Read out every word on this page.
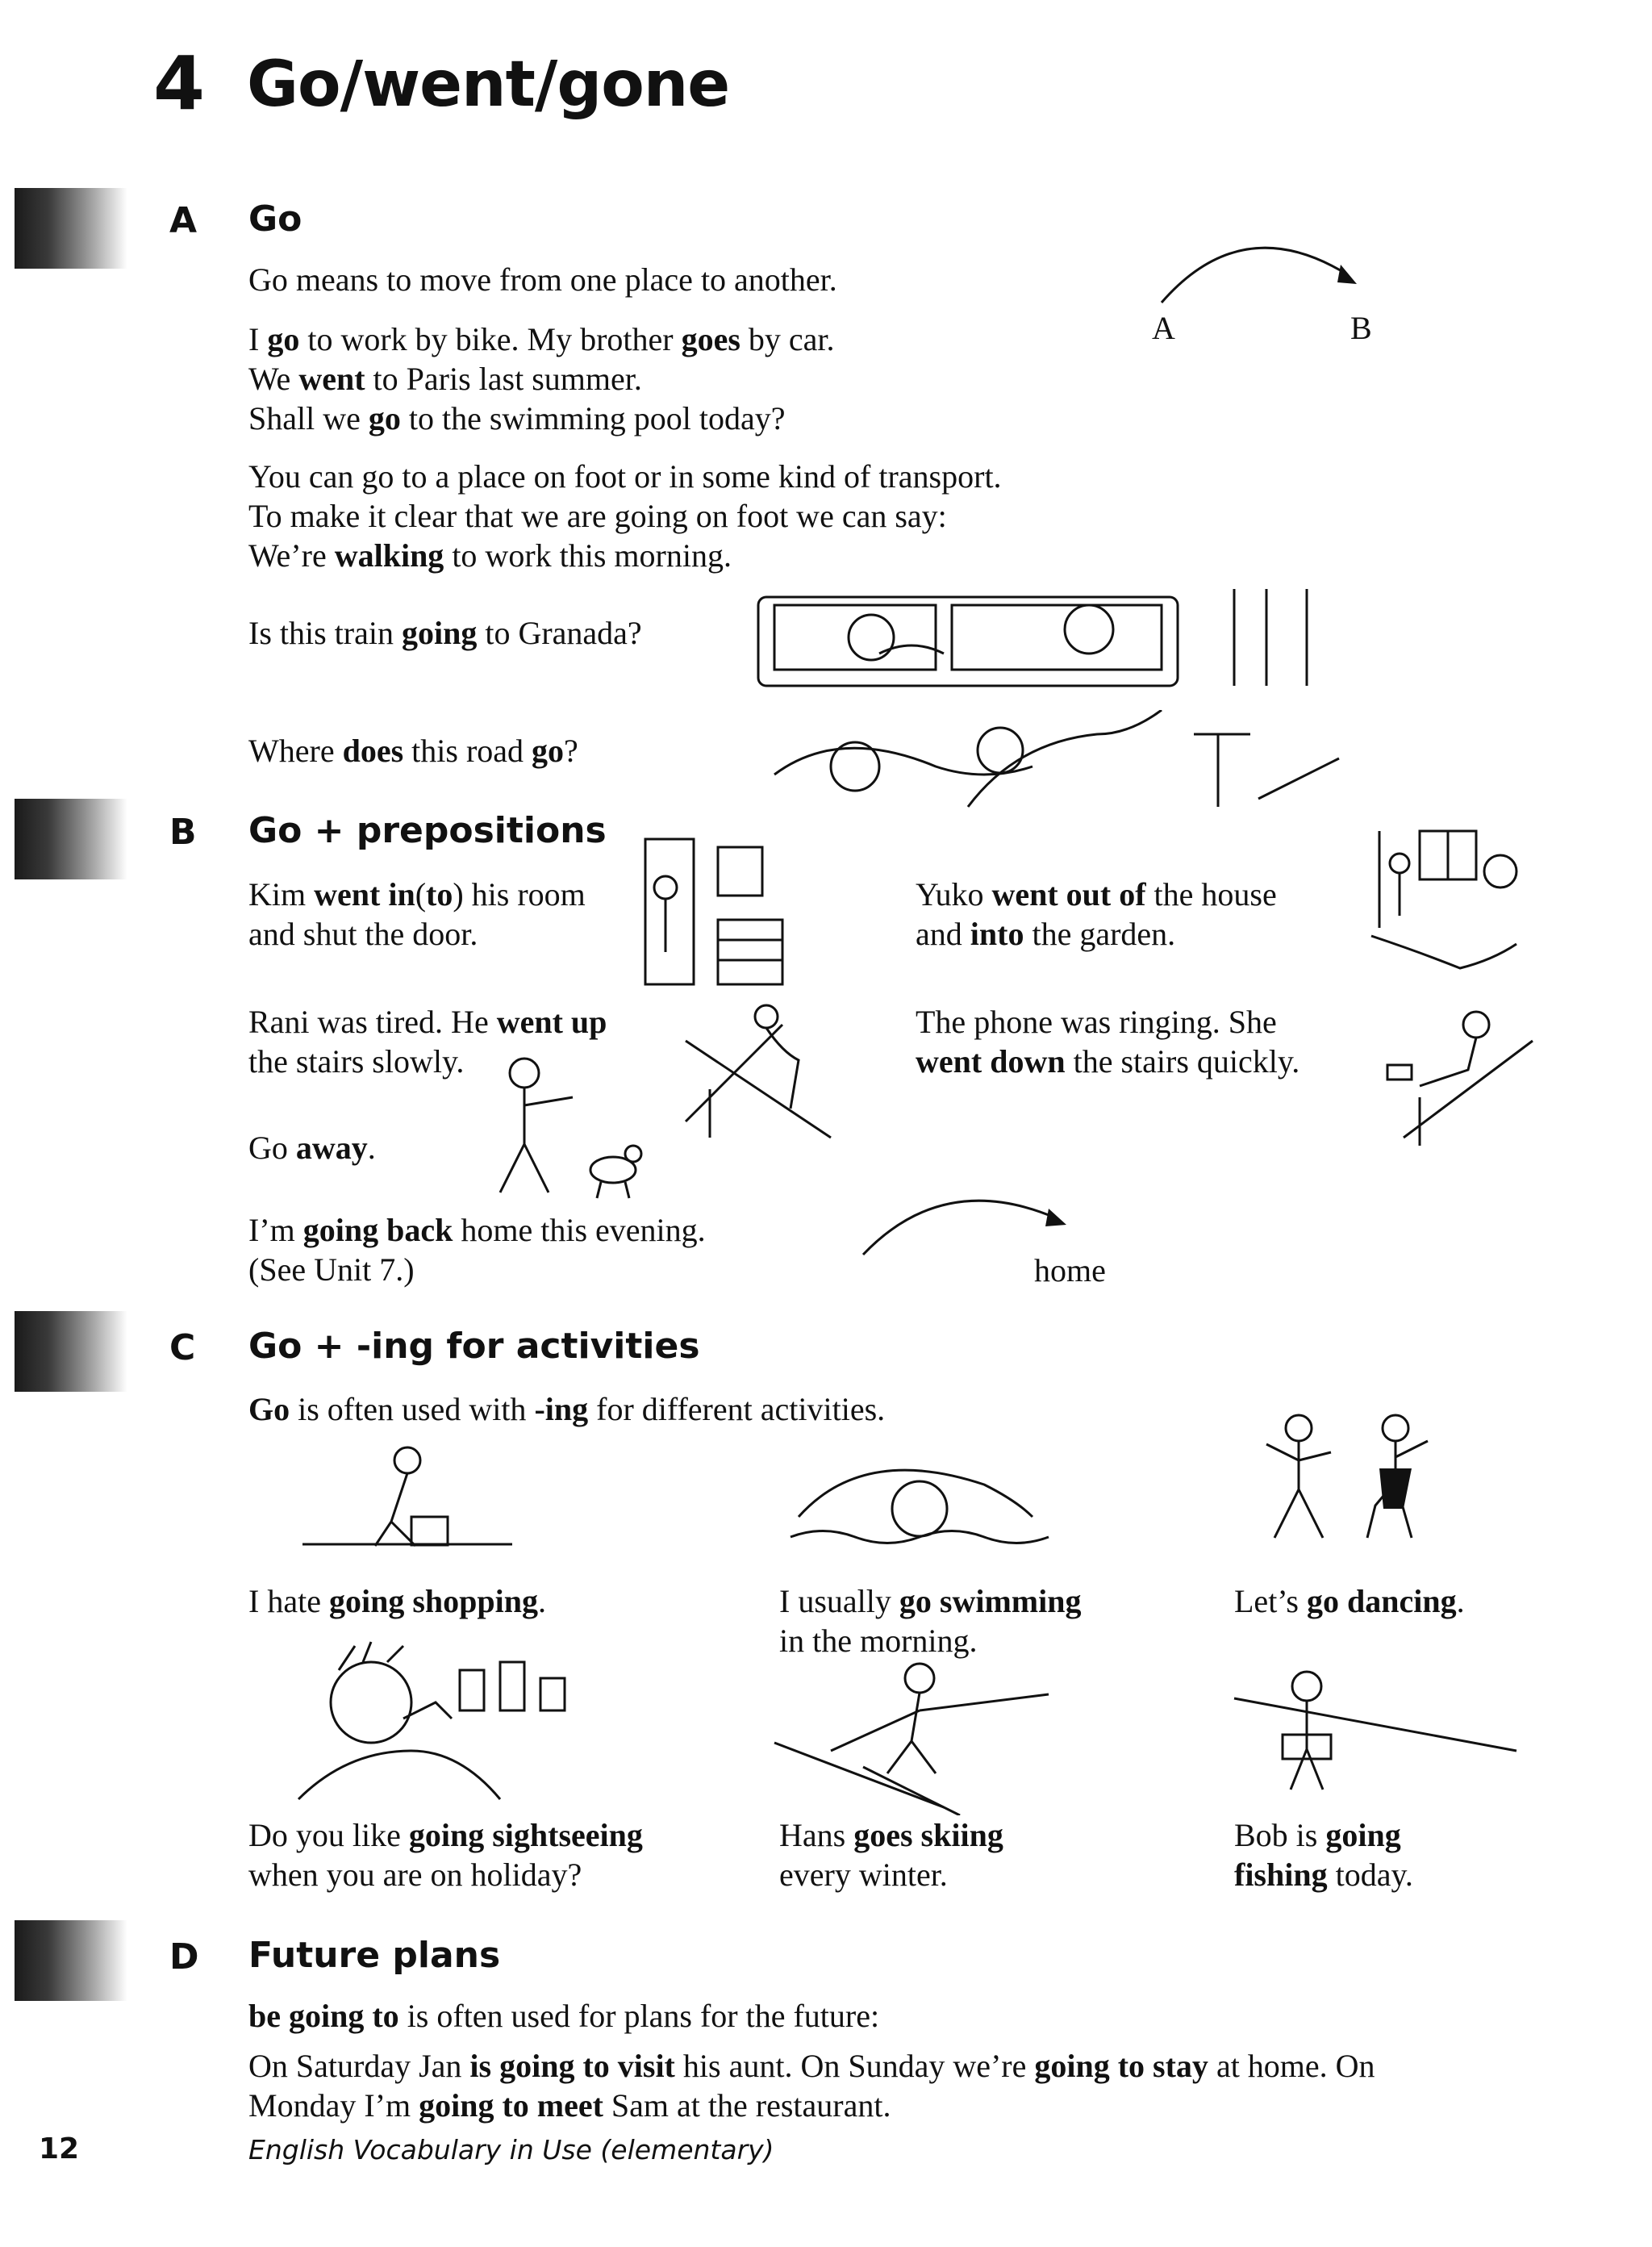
4 Go/went/gone
A Go

Go means to move from one place to another.

I go to work by bike. My brother goes by car.

We went to Paris last summer.

Shall we go to the swimming pool today?

You can go to a place on foot or in some kind of transport.

To make it clear that we are going on foot we can say:

We’re walking to work this morning.

Is this train going to Granada?

Where does this road go?

A	B
B Go + prepositions

Kim went in(to) his room

and shut the door.

Yuko went out of the house

and into the garden.

Rani was tired. He went up

the stairs slowly.

The phone was ringing. She

went down the stairs quickly.

Go away.

I’m going back home this evening.

(See Unit 7.)	home
C Go + -ing for activities

Go is often used with -ing for different activities.

I hate going shopping.	I usually go swimming

in the morning.

Let’s go dancing.

Do you like going sightseeing

when you are on holiday?

Hans goes skiing

every winter.

Bob is going

fishing today.

D Future plans

be going to is often used for plans for the future:

On Saturday Jan is going to visit his aunt. On Sunday we’re going to stay at home. On

Monday I’m going to meet Sam at the restaurant.

12	English Vocabulary in Use (elementary)
